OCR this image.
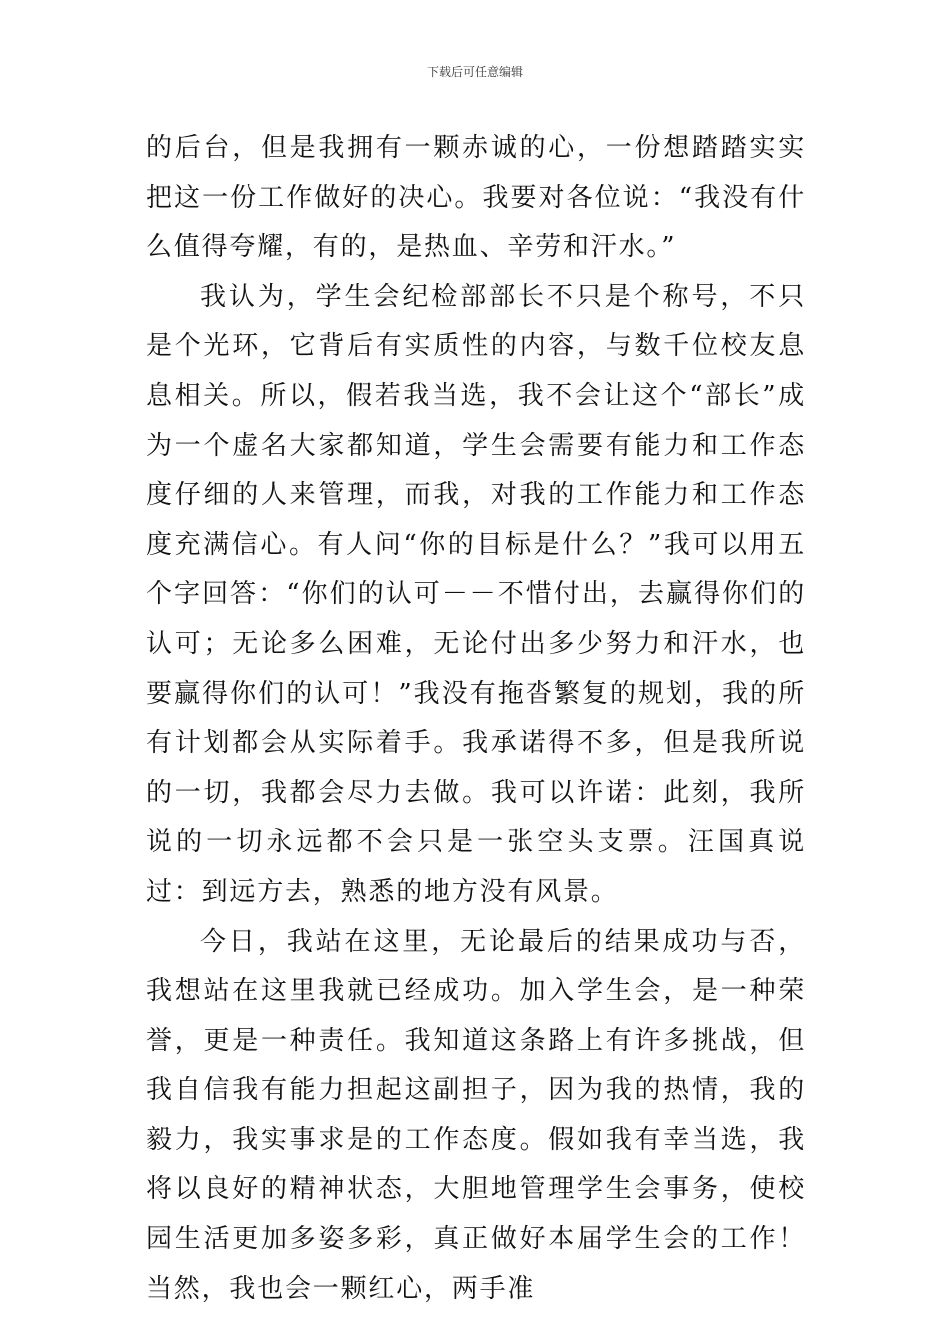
下载后可任意编辑

的后台，但是我拥有一颗赤诚的心，一份想踏踏实实把这一份工作做好的决心。我要对各位说：“我没有什么值得夸耀，有的，是热血、辛劳和汗水。”

我认为，学生会纪检部部长不只是个称号，不只是个光环，它背后有实质性的内容，与数千位校友息息相关。所以，假若我当选，我不会让这个“部长”成为一个虚名大家都知道，学生会需要有能力和工作态度仔细的人来管理，而我，对我的工作能力和工作态度充满信心。有人问“你的目标是什么？”我可以用五个字回答：“你们的认可－－不惜付出，去赢得你们的认可；无论多么困难，无论付出多少努力和汗水，也要赢得你们的认可！”我没有拖沓繁复的规划，我的所有计划都会从实际着手。我承诺得不多，但是我所说的一切，我都会尽力去做。我可以许诺：此刻，我所说的一切永远都不会只是一张空头支票。汪国真说过：到远方去，熟悉的地方没有风景。

今日，我站在这里，无论最后的结果成功与否，我想站在这里我就已经成功。加入学生会，是一种荣誉，更是一种责任。我知道这条路上有许多挑战，但我自信我有能力担起这副担子，因为我的热情，我的毅力，我实事求是的工作态度。假如我有幸当选，我将以良好的精神状态，大胆地管理学生会事务，使校园生活更加多姿多彩，真正做好本届学生会的工作！当然，我也会一颗红心，两手准
